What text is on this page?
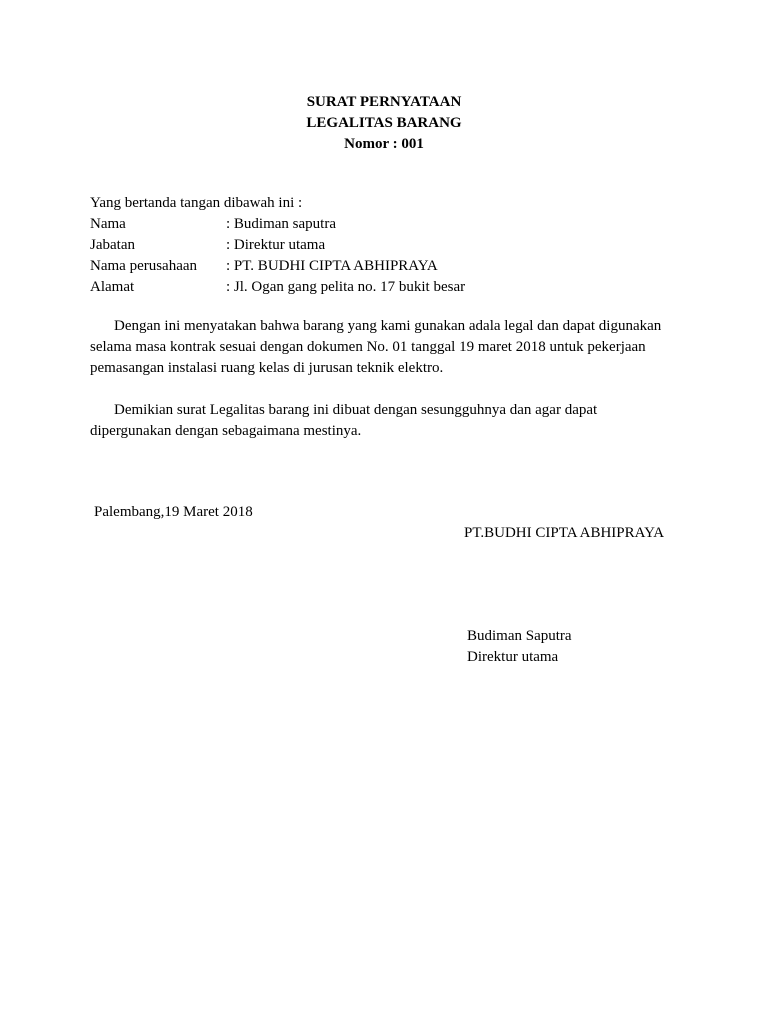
SURAT PERNYATAAN
LEGALITAS BARANG
Nomor : 001
Yang bertanda tangan dibawah ini :
Nama	: Budiman saputra
Jabatan	: Direktur utama
Nama perusahaan : PT. BUDHI CIPTA ABHIPRAYA
Alamat	: Jl. Ogan gang pelita no. 17 bukit besar
Dengan ini menyatakan bahwa barang yang kami gunakan adala legal dan dapat digunakan
selama masa kontrak sesuai dengan dokumen No. 01 tanggal 19 maret 2018 untuk pekerjaan
pemasangan instalasi ruang kelas di jurusan teknik elektro.
Demikian surat Legalitas barang ini dibuat dengan sesungguhnya dan agar dapat
dipergunakan dengan sebagaimana mestinya.
Palembang,19 Maret 2018
PT.BUDHI CIPTA ABHIPRAYA
Budiman Saputra
Direktur utama
